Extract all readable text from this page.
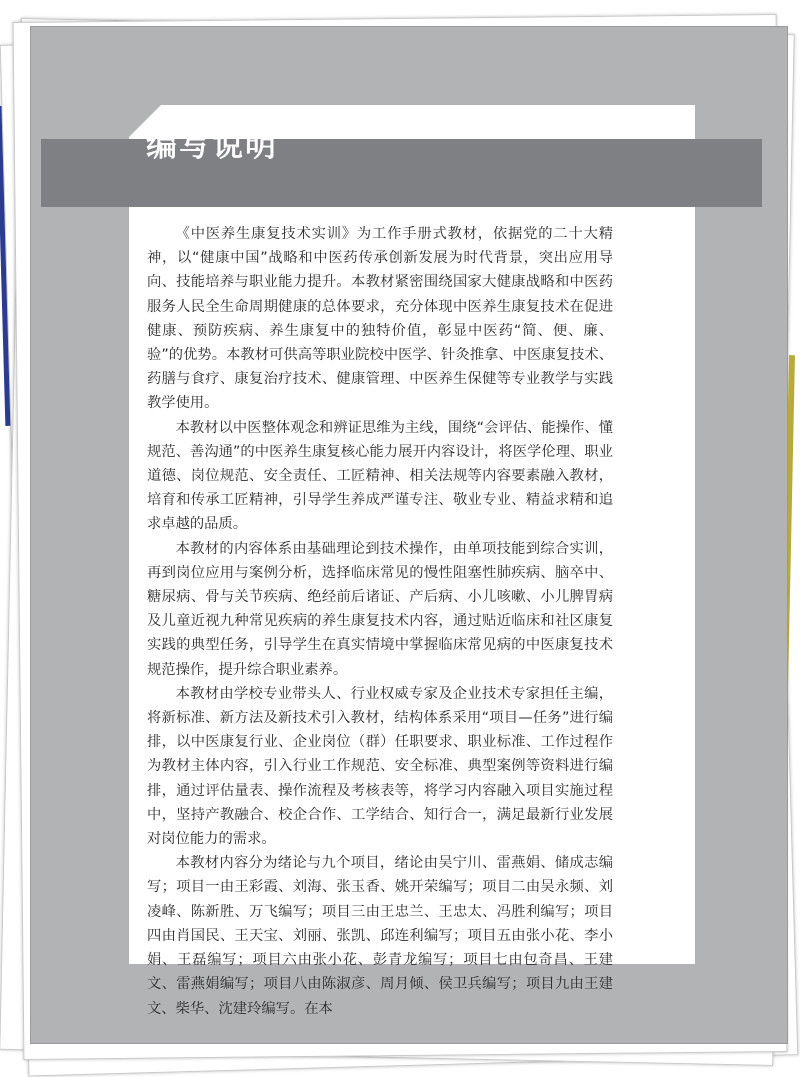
编写说明

《中医养生康复技术实训》为工作手册式教材，依据党的二十大精神，以“健康中国”战略和中医药传承创新发展为时代背景，突出应用导向、技能培养与职业能力提升。本教材紧密围绕国家大健康战略和中医药服务人民全生命周期健康的总体要求，充分体现中医养生康复技术在促进健康、预防疾病、养生康复中的独特价值，彰显中医药“简、便、廉、验”的优势。本教材可供高等职业院校中医学、针灸推拿、中医康复技术、药膳与食疗、康复治疗技术、健康管理、中医养生保健等专业教学与实践教学使用。

本教材以中医整体观念和辨证思维为主线，围绕“会评估、能操作、懂规范、善沟通”的中医养生康复核心能力展开内容设计，将医学伦理、职业道德、岗位规范、安全责任、工匠精神、相关法规等内容要素融入教材，培育和传承工匠精神，引导学生养成严谨专注、敬业专业、精益求精和追求卓越的品质。

本教材的内容体系由基础理论到技术操作，由单项技能到综合实训，再到岗位应用与案例分析，选择临床常见的慢性阻塞性肺疾病、脑卒中、糖尿病、骨与关节疾病、绝经前后诸证、产后病、小儿咳嗽、小儿脾胃病及儿童近视九种常见疾病的养生康复技术内容，通过贴近临床和社区康复实践的典型任务，引导学生在真实情境中掌握临床常见病的中医康复技术规范操作，提升综合职业素养。

本教材由学校专业带头人、行业权威专家及企业技术专家担任主编，将新标准、新方法及新技术引入教材，结构体系采用“项目—任务”进行编排，以中医康复行业、企业岗位（群）任职要求、职业标准、工作过程作为教材主体内容，引入行业工作规范、安全标准、典型案例等资料进行编排，通过评估量表、操作流程及考核表等，将学习内容融入项目实施过程中，坚持产教融合、校企合作、工学结合、知行合一，满足最新行业发展对岗位能力的需求。

本教材内容分为绪论与九个项目，绪论由吴宁川、雷燕娟、储成志编写；项目一由王彩霞、刘海、张玉香、姚开荣编写；项目二由吴永频、刘凌峰、陈新胜、万飞编写；项目三由王忠兰、王忠太、冯胜利编写；项目四由肖国民、王天宝、刘丽、张凯、邱连利编写；项目五由张小花、李小娟、王磊编写；项目六由张小花、彭青龙编写；项目七由包奇昌、王建文、雷燕娟编写；项目八由陈淑彦、周月倾、侯卫兵编写；项目九由王建文、柴华、沈建玲编写。在本
